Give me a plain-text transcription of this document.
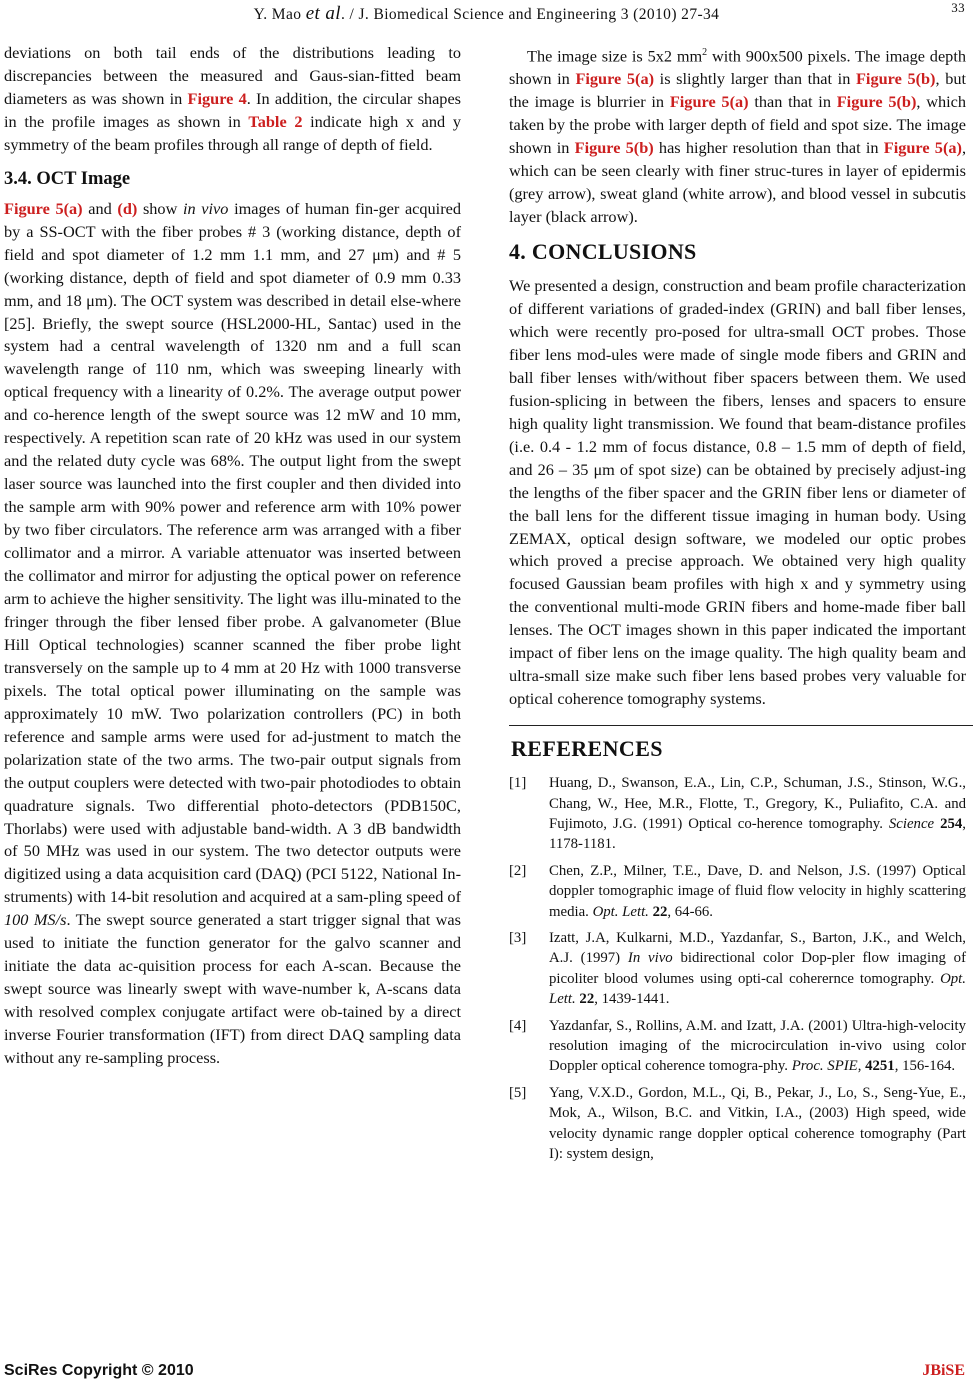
Y. Mao et al. / J. Biomedical Science and Engineering 3 (2010) 27-34	33

deviations on both tail ends of the distributions leading to discrepancies between the measured and Gaus-sian-fitted beam diameters as was shown in Figure 4. In addition, the circular shapes in the profile images as shown in Table 2 indicate high x and y symmetry of the beam profiles through all range of depth of field.

3.4. OCT Image

Figure 5(a) and (d) show in vivo images of human fin-ger acquired by a SS-OCT with the fiber probes # 3 (working distance, depth of field and spot diameter of 1.2 mm 1.1 mm, and 27 μm) and # 5 (working distance, depth of field and spot diameter of 0.9 mm 0.33 mm, and 18 μm). The OCT system was described in detail else-where [25]. Briefly, the swept source (HSL2000-HL, Santac) used in the system had a central wavelength of 1320 nm and a full scan wavelength range of 110 nm, which was sweeping linearly with optical frequency with a linearity of 0.2%. The average output power and co-herence length of the swept source was 12 mW and 10 mm, respectively. A repetition scan rate of 20 kHz was used in our system and the related duty cycle was 68%. The output light from the swept laser source was launched into the first coupler and then divided into the sample arm with 90% power and reference arm with 10% power by two fiber circulators. The reference arm was arranged with a fiber collimator and a mirror. A variable attenuator was inserted between the collimator and mirror for adjusting the optical power on reference arm to achieve the higher sensitivity. The light was illu-minated to the fringer through the fiber lensed fiber probe. A galvanometer (Blue Hill Optical technologies) scanner scanned the fiber probe light transversely on the sample up to 4 mm at 20 Hz with 1000 transverse pixels. The total optical power illuminating on the sample was approximately 10 mW. Two polarization controllers (PC) in both reference and sample arms were used for ad-justment to match the polarization state of the two arms. The two-pair output signals from the output couplers were detected with two-pair photodiodes to obtain quadrature signals. Two differential photo-detectors (PDB150C, Thorlabs) were used with adjustable band-width. A 3 dB bandwidth of 50 MHz was used in our system. The two detector outputs were digitized using a data acquisition card (DAQ) (PCI 5122, National In-struments) with 14-bit resolution and acquired at a sam-pling speed of 100 MS/s. The swept source generated a start trigger signal that was used to initiate the function generator for the galvo scanner and initiate the data ac-quisition process for each A-scan. Because the swept source was linearly swept with wave-number k, A-scans data with resolved complex conjugate artifact were ob-tained by a direct inverse Fourier transformation (IFT) from direct DAQ sampling data without any re-sampling process.

The image size is 5x2 $mm^2$ with 900x500 pixels. The image depth shown in Figure 5(a) is slightly larger than that in Figure 5(b), but the image is blurrier in Figure 5(a) than that in Figure 5(b), which taken by the probe with larger depth of field and spot size. The image shown in Figure 5(b) has higher resolution than that in Figure 5(a), which can be seen clearly with finer struc-tures in layer of epidermis (grey arrow), sweat gland (white arrow), and blood vessel in subcutis layer (black arrow).

4. CONCLUSIONS

We presented a design, construction and beam profile characterization of different variations of graded-index (GRIN) and ball fiber lenses, which were recently pro-posed for ultra-small OCT probes. Those fiber lens mod-ules were made of single mode fibers and GRIN and ball fiber lenses with/without fiber spacers between them. We used fusion-splicing in between the fibers, lenses and spacers to ensure high quality light transmission. We found that beam-distance profiles (i.e. 0.4 - 1.2 mm of focus distance, 0.8 – 1.5 mm of depth of field, and 26 – 35 μm of spot size) can be obtained by precisely adjust-ing the lengths of the fiber spacer and the GRIN fiber lens or diameter of the ball lens for the different tissue imaging in human body. Using ZEMAX, optical design software, we modeled our optic probes which proved a precise approach. We obtained very high quality focused Gaussian beam profiles with high x and y symmetry using the conventional multi-mode GRIN fibers and home-made fiber ball lenses. The OCT images shown in this paper indicated the important impact of fiber lens on the image quality. The high quality beam and ultra-small size make such fiber lens based probes very valuable for optical coherence tomography systems.

REFERENCES
[1] Huang, D., Swanson, E.A., Lin, C.P., Schuman, J.S., Stinson, W.G., Chang, W., Hee, M.R., Flotte, T., Gregory, K., Puliafito, C.A. and Fujimoto, J.G. (1991) Optical co-herence tomography. Science 254, 1178-1181.
[2] Chen, Z.P., Milner, T.E., Dave, D. and Nelson, J.S. (1997) Optical doppler tomographic image of fluid flow velocity in highly scattering media. Opt. Lett. 22, 64-66.
[3] Izatt, J.A, Kulkarni, M.D., Yazdanfar, S., Barton, J.K., and Welch, A.J. (1997) In vivo bidirectional color Dop-pler flow imaging of picoliter blood volumes using opti-cal coherernce tomography. Opt. Lett. 22, 1439-1441.
[4] Yazdanfar, S., Rollins, A.M. and Izatt, J.A. (2001) Ultra-high-velocity resolution imaging of the microcirculation in-vivo using color Doppler optical coherence tomogra-phy. Proc. SPIE, 4251, 156-164.
[5] Yang, V.X.D., Gordon, M.L., Qi, B., Pekar, J., Lo, S., Seng-Yue, E., Mok, A., Wilson, B.C. and Vitkin, I.A., (2003) High speed, wide velocity dynamic range doppler optical coherence tomography (Part I): system design,
SciRes Copyright © 2010	JBiSE
